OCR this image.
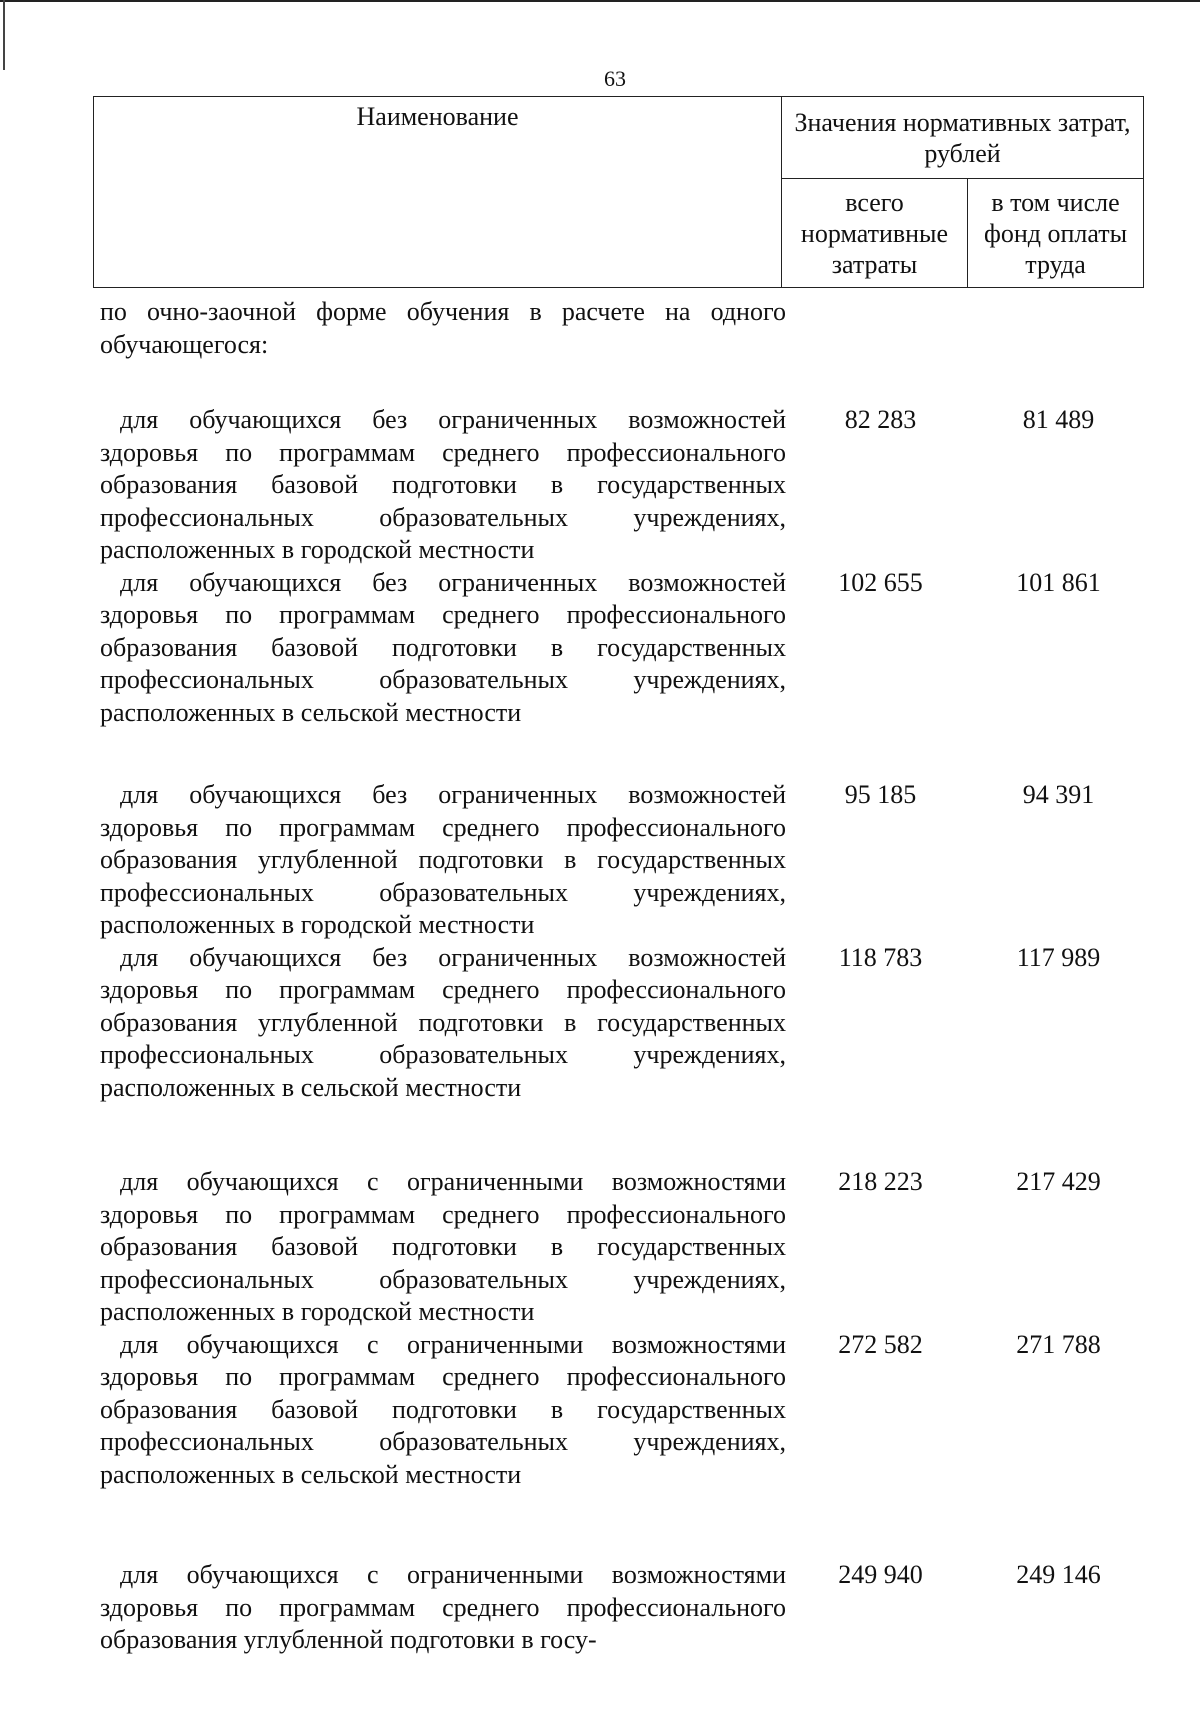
63
Наименование	Значения нормативных затрат, рублей	
	всего нормативные затраты	в том числе фонд оплаты труда
по очно-заочной форме обучения в расчете на одного обучающегося:
для обучающихся без ограниченных возможностей здоровья по программам среднего профессионального образования базовой подготовки в государственных профессиональных образовательных учреждениях, расположенных в городской местности
82 283	81 489
для обучающихся без ограниченных возможностей здоровья по программам среднего профессионального образования базовой подготовки в государственных профессиональных образовательных учреждениях, расположенных в сельской местности
102 655	101 861
для обучающихся без ограниченных возможностей здоровья по программам среднего профессионального образования углубленной подготовки в государственных профессиональных образовательных учреждениях, расположенных в городской местности
95 185	94 391
для обучающихся без ограниченных возможностей здоровья по программам среднего профессионального образования углубленной подготовки в государственных профессиональных образовательных учреждениях, расположенных в сельской местности
118 783	117 989
для обучающихся с ограниченными возможностями здоровья по программам среднего профессионального образования базовой подготовки в государственных профессиональных образовательных учреждениях, расположенных в городской местности
218 223	217 429
для обучающихся с ограниченными возможностями здоровья по программам среднего профессионального образования базовой подготовки в государственных профессиональных образовательных учреждениях, расположенных в сельской местности
272 582	271 788
для обучающихся с ограниченными возможностями здоровья по программам среднего профессионального образования углубленной подготовки в госу-
249 940	249 146
